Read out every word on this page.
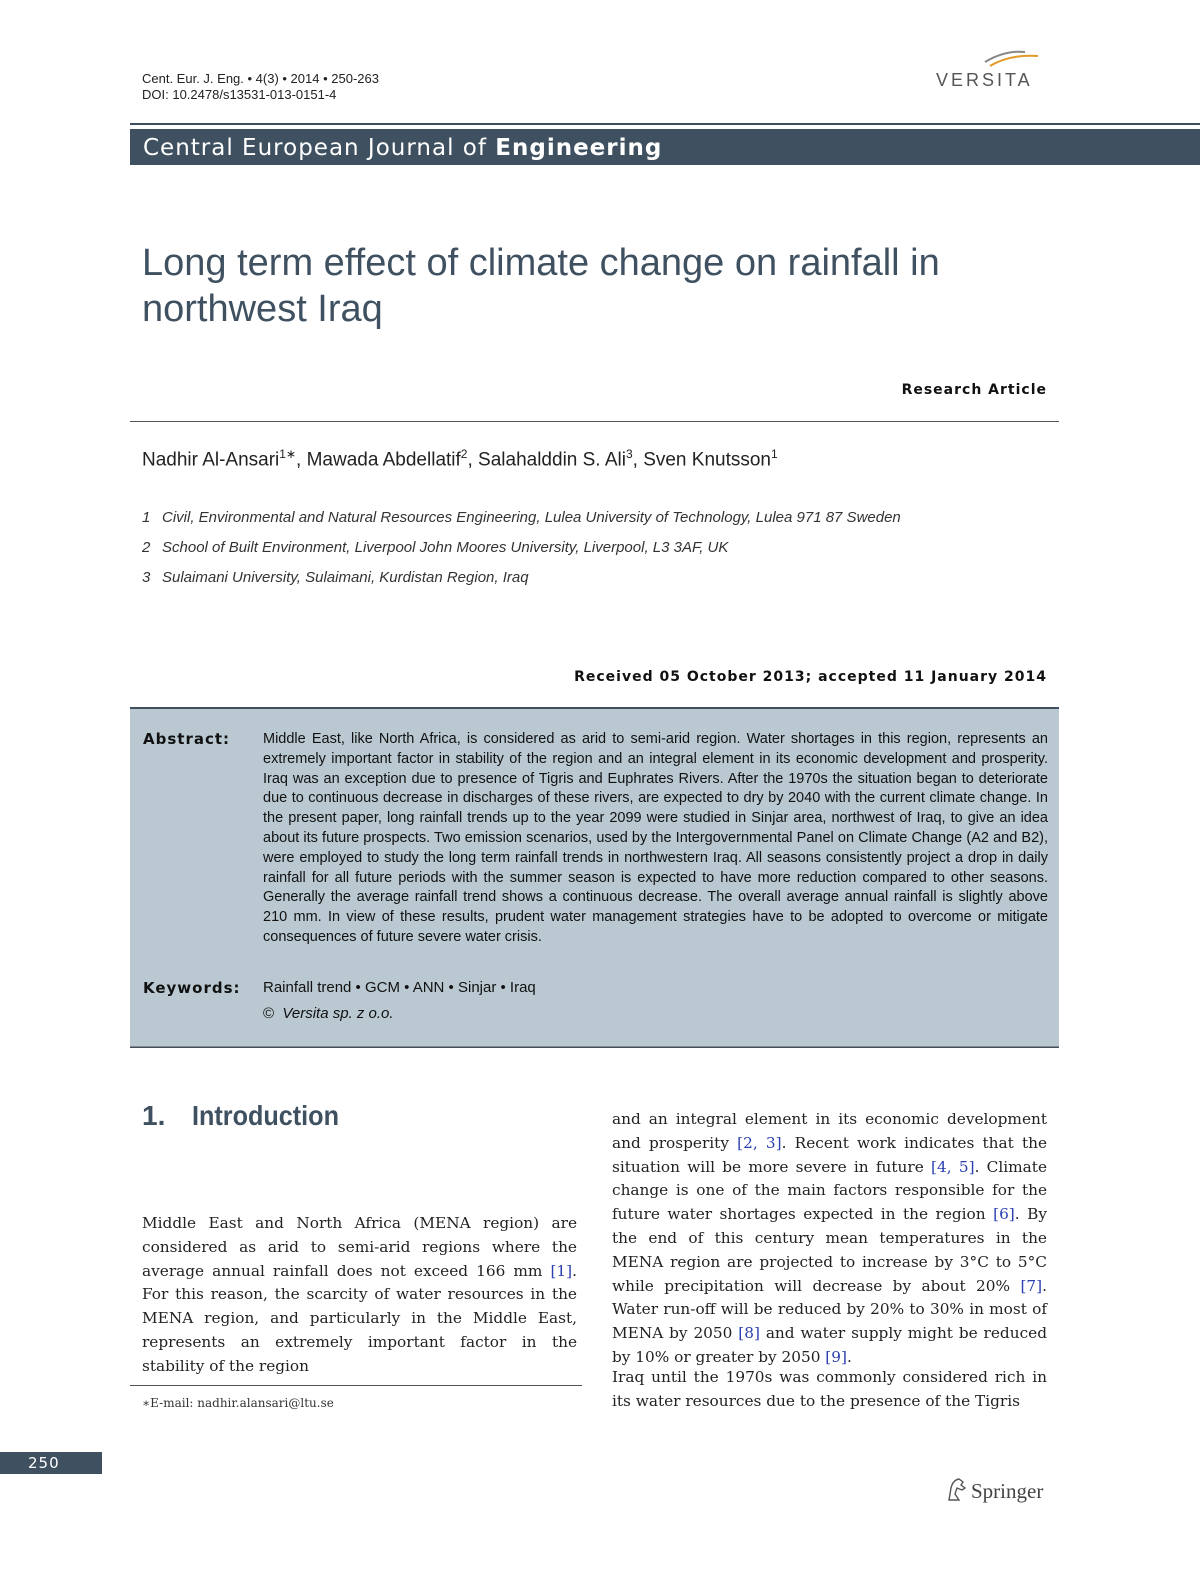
Cent. Eur. J. Eng. • 4(3) • 2014 • 250-263
DOI: 10.2478/s13531-013-0151-4
VERSITA
Central European Journal of Engineering
Long term effect of climate change on rainfall in northwest Iraq
Research Article
Nadhir Al-Ansari$^{1∗}$, Mawada Abdellatif$^2$, Salahalddin S. Ali$^3$, Sven Knutsson$^1$
1 Civil, Environmental and Natural Resources Engineering, Lulea University of Technology, Lulea 971 87 Sweden
2 School of Built Environment, Liverpool John Moores University, Liverpool, L3 3AF, UK
3 Sulaimani University, Sulaimani, Kurdistan Region, Iraq
Received 05 October 2013; accepted 11 January 2014
Abstract: Middle East, like North Africa, is considered as arid to semi-arid region. Water shortages in this region, represents an extremely important factor in stability of the region and an integral element in its economic development and prosperity. Iraq was an exception due to presence of Tigris and Euphrates Rivers. After the 1970s the situation began to deteriorate due to continuous decrease in discharges of these rivers, are expected to dry by 2040 with the current climate change. In the present paper, long rainfall trends up to the year 2099 were studied in Sinjar area, northwest of Iraq, to give an idea about its future prospects. Two emission scenarios, used by the Intergovernmental Panel on Climate Change (A2 and B2), were employed to study the long term rainfall trends in northwestern Iraq. All seasons consistently project a drop in daily rainfall for all future periods with the summer season is expected to have more reduction compared to other seasons. Generally the average rainfall trend shows a continuous decrease. The overall average annual rainfall is slightly above 210 mm. In view of these results, prudent water management strategies have to be adopted to overcome or mitigate consequences of future severe water crisis.
Keywords: Rainfall trend • GCM • ANN • Sinjar • Iraq
© Versita sp. z o.o.
1. Introduction
Middle East and North Africa (MENA region) are considered as arid to semi-arid regions where the average annual rainfall does not exceed 166 mm [1]. For this reason, the scarcity of water resources in the MENA region, and particularly in the Middle East, represents an extremely important factor in the stability of the region
and an integral element in its economic development and prosperity [2, 3]. Recent work indicates that the situation will be more severe in future [4, 5]. Climate change is one of the main factors responsible for the future water shortages expected in the region [6]. By the end of this century mean temperatures in the MENA region are projected to increase by 3°C to 5°C while precipitation will decrease by about 20% [7]. Water run-off will be reduced by 20% to 30% in most of MENA by 2050 [8] and water supply might be reduced by 10% or greater by 2050 [9].
Iraq until the 1970s was commonly considered rich in its water resources due to the presence of the Tigris
∗E-mail: nadhir.alansari@ltu.se
250
Springer
